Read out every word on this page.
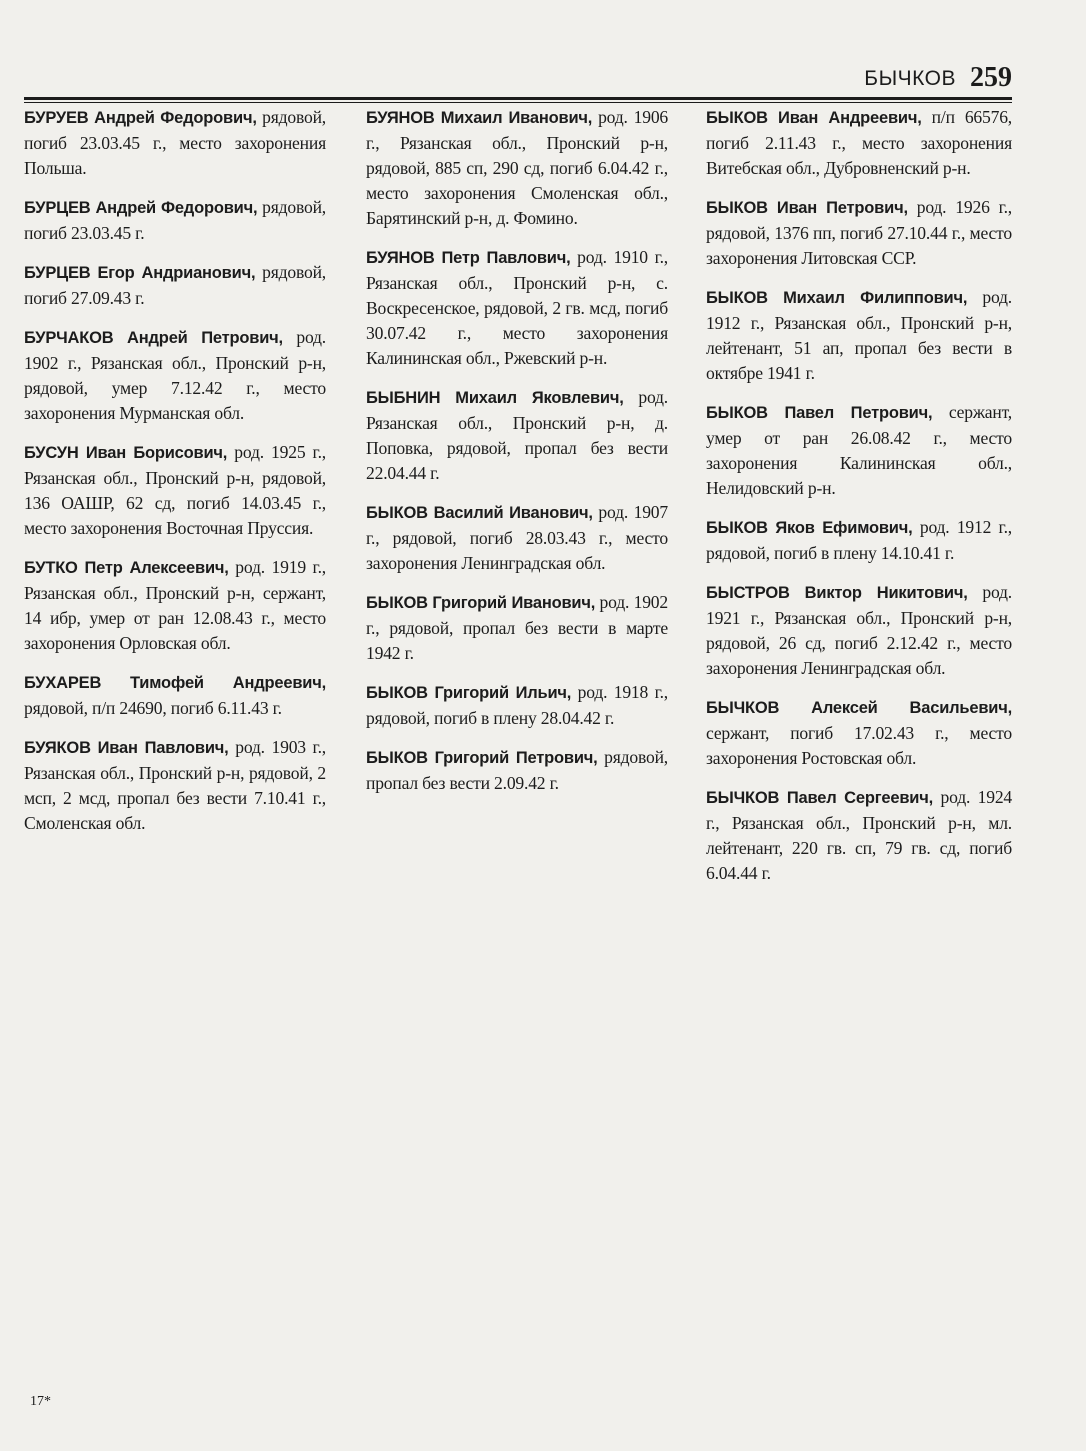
БЫЧКОВ 259

БУРУЕВ Андрей Федорович, рядовой, погиб 23.03.45 г., место захоронения Польша.

БУРЦЕВ Андрей Федорович, рядовой, погиб 23.03.45 г.

БУРЦЕВ Егор Андрианович, рядовой, погиб 27.09.43 г.

БУРЧАКОВ Андрей Петрович, род. 1902 г., Рязанская обл., Пронский р-н, рядовой, умер 7.12.42 г., место захоронения Мурманская обл.

БУСУН Иван Борисович, род. 1925 г., Рязанская обл., Пронский р-н, рядовой, 136 ОАШР, 62 сд, погиб 14.03.45 г., место захоронения Восточная Пруссия.

БУТКО Петр Алексеевич, род. 1919 г., Рязанская обл., Пронский р-н, сержант, 14 ибр, умер от ран 12.08.43 г., место захоронения Орловская обл.

БУХАРЕВ Тимофей Андреевич, рядовой, п/п 24690, погиб 6.11.43 г.

БУЯКОВ Иван Павлович, род. 1903 г., Рязанская обл., Пронский р-н, рядовой, 2 мсп, 2 мсд, пропал без вести 7.10.41 г., Смоленская обл.

БУЯНОВ Михаил Иванович, род. 1906 г., Рязанская обл., Пронский р-н, рядовой, 885 сп, 290 сд, погиб 6.04.42 г., место захоронения Смоленская обл., Барятинский р-н, д. Фомино.

БУЯНОВ Петр Павлович, род. 1910 г., Рязанская обл., Пронский р-н, с. Воскресенское, рядовой, 2 гв. мсд, погиб 30.07.42 г., место захоронения Калининская обл., Ржевский р-н.

БЫБНИН Михаил Яковлевич, род. Рязанская обл., Пронский р-н, д. Поповка, рядовой, пропал без вести 22.04.44 г.

БЫКОВ Василий Иванович, род. 1907 г., рядовой, погиб 28.03.43 г., место захоронения Ленинградская обл.

БЫКОВ Григорий Иванович, род. 1902 г., рядовой, пропал без вести в марте 1942 г.

БЫКОВ Григорий Ильич, род. 1918 г., рядовой, погиб в плену 28.04.42 г.

БЫКОВ Григорий Петрович, рядовой, пропал без вести 2.09.42 г.

БЫКОВ Иван Андреевич, п/п 66576, погиб 2.11.43 г., место захоронения Витебская обл., Дубровненский р-н.

БЫКОВ Иван Петрович, род. 1926 г., рядовой, 1376 пп, погиб 27.10.44 г., место захоронения Литовская ССР.

БЫКОВ Михаил Филиппович, род. 1912 г., Рязанская обл., Пронский р-н, лейтенант, 51 ап, пропал без вести в октябре 1941 г.

БЫКОВ Павел Петрович, сержант, умер от ран 26.08.42 г., место захоронения Калининская обл., Нелидовский р-н.

БЫКОВ Яков Ефимович, род. 1912 г., рядовой, погиб в плену 14.10.41 г.

БЫСТРОВ Виктор Никитович, род. 1921 г., Рязанская обл., Пронский р-н, рядовой, 26 сд, погиб 2.12.42 г., место захоронения Ленинградская обл.

БЫЧКОВ Алексей Васильевич, сержант, погиб 17.02.43 г., место захоронения Ростовская обл.

БЫЧКОВ Павел Сергеевич, род. 1924 г., Рязанская обл., Пронский р-н, мл. лейтенант, 220 гв. сп, 79 гв. сд, погиб 6.04.44 г.

17*
